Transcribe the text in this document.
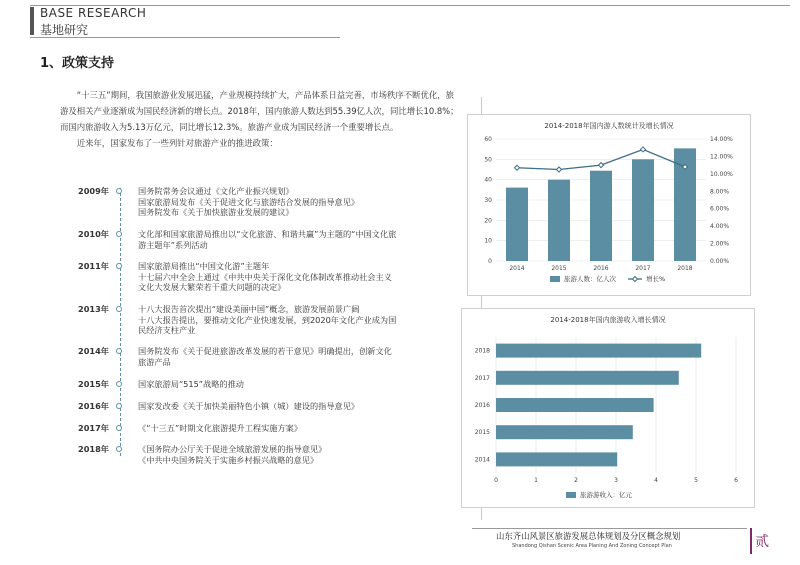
BASE RESEARCH
基地研究
1、政策支持

“十三五”期间，我国旅游业发展迅猛，产业规模持续扩大，产品体系日益完善，市场秩序不断优化，旅游及相关产业逐渐成为国民经济新的增长点。2018年，国内旅游人数达到55.39亿人次，同比增长10.8%；而国内旅游收入为5.13万亿元，同比增长12.3%。旅游产业成为国民经济一个重要增长点。

近来年，国家发布了一些列针对旅游产业的推进政策：

2009年	国务院常务会议通过《文化产业振兴规划》
国家旅游局发布《关于促进文化与旅游结合发展的指导意见》
国务院发布《关于加快旅游业发展的建议》
2010年	文化部和国家旅游局推出以“文化旅游、和谐共赢”为主题的“中国文化旅
游主题年”系列活动
2011年	国家旅游局推出“中国文化游”主题年
十七届六中全会上通过《中共中央关于深化文化体制改革推动社会主义
文化大发展大繁荣若干重大问题的决定》
2013年	十八大报告首次提出“建设美丽中国”概念，旅游发展前景广阔
十八大报告提出，要推动文化产业快速发展，到2020年文化产业成为国
民经济支柱产业
2014年	国务院发布《关于促进旅游改革发展的若干意见》明确提出，创新文化
旅游产品
2015年	国家旅游局“515”战略的推动
2016年	国家发改委《关于加快美丽特色小镇（城）建设的指导意见》
2017年	《“十三五”时期文化旅游提升工程实施方案》
2018年	《国务院办公厅关于促进全域旅游发展的指导意见》
《中共中央国务院关于实施乡村振兴战略的意见》
2014-2018年国内游人数统计及增长情况
0
10
20
30
40
50
60
0.00%
2.00%
4.00%
6.00%
8.00%
10.00%
12.00%
14.00%
2014	2015	2016	2017	2018
旅游人数：亿人次	增长%
2014-2018年国内旅游收入增长情况
0	1	2	3	4	5	6
2018
2017
2016
2015
2014
旅游游收入：亿元
山东齐山风景区旅游发展总体规划及分区概念规划
Shandong Qishan Scenic Area Planing And Zoning Concept Plan	贰
